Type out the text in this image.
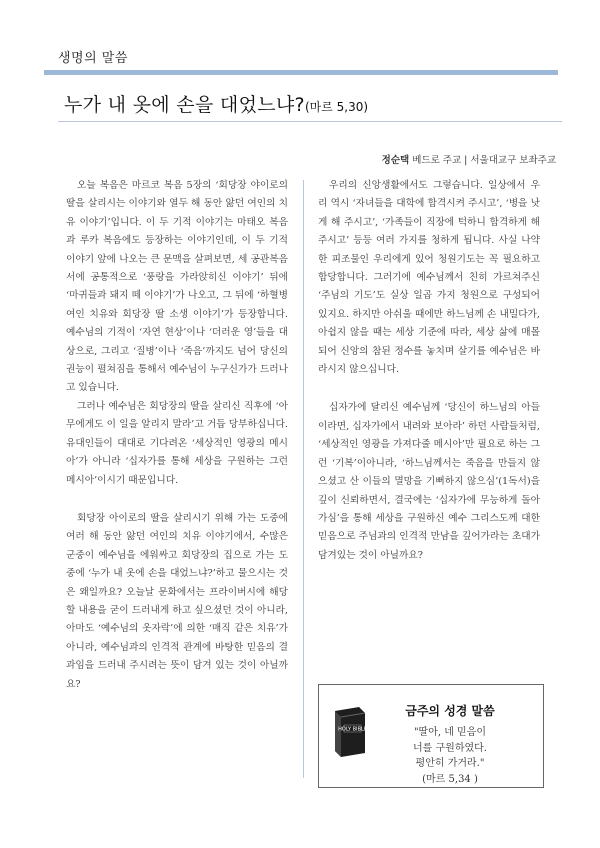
생명의 말씀
누가 내 옷에 손을 대었느냐?(마르 5,30)
정순택 베드로 주교 | 서울대교구 보좌주교

오늘 복음은 마르코 복음 5장의 ‘회당장 야이로의 딸을 살리시는 이야기와 열두 해 동안 앓던 여인의 치유 이야기’입니다. 이 두 기적 이야기는 마태오 복음과 루카 복음에도 등장하는 이야기인데, 이 두 기적 이야기 앞에 나오는 큰 문맥을 살펴보면, 세 공관복음서에 공통적으로 ‘풍랑을 가라앉히신 이야기’ 뒤에 ‘마귀들과 돼지 떼 이야기’가 나오고, 그 뒤에 ‘하혈병 여인 치유와 회당장 딸 소생 이야기’가 등장합니다. 예수님의 기적이 ‘자연 현상’이나 ‘더러운 영’들을 대상으로, 그리고 ‘질병’이나 ‘죽음’까지도 넘어 당신의 권능이 펼쳐짐을 통해서 예수님이 누구신가가 드러나고 있습니다.

그러나 예수님은 회당장의 딸을 살리신 직후에 ‘아무에게도 이 일을 알리지 말라’고 거듭 당부하십니다. 유대인들이 대대로 기다려온 ‘세상적인 영광의 메시아’가 아니라 ‘십자가를 통해 세상을 구원하는 그런 메시아’이시기 때문입니다.

회당장 아이로의 딸을 살리시기 위해 가는 도중에 여러 해 동안 앓던 여인의 치유 이야기에서, 수많은 군중이 예수님을 에워싸고 회당장의 집으로 가는 도중에 ‘누가 내 옷에 손을 대었느냐?’하고 물으시는 것은 왜일까요? 오늘날 문화에서는 프라이버시에 해당할 내용을 굳이 드러내게 하고 싶으셨던 것이 아니라, 아마도 ‘예수님의 옷자락’에 의한 ‘매직 같은 치유’가 아니라, 예수님과의 인격적 관계에 바탕한 믿음의 결과임을 드러내 주시려는 뜻이 담겨 있는 것이 아닐까요?

우리의 신앙생활에서도 그렇습니다. 일상에서 우리 역시 ‘자녀들을 대학에 합격시켜 주시고’, ‘병을 낫게 해 주시고’, ‘가족들이 직장에 턱하니 합격하게 해 주시고’ 등등 여러 가지를 청하게 됩니다. 사실 나약한 피조물인 우리에게 있어 청원기도는 꼭 필요하고 합당합니다. 그러기에 예수님께서 친히 가르쳐주신 ‘주님의 기도’도 실상 일곱 가지 청원으로 구성되어 있지요. 하지만 아쉬울 때에만 하느님께 손 내밀다가, 아쉽지 않을 때는 세상 기준에 따라, 세상 삶에 매몰되어 신앙의 참된 정수를 놓치며 살기를 예수님은 바라시지 않으십니다.

십자가에 달리신 예수님께 ‘당신이 하느님의 아들이라면, 십자가에서 내려와 보아라’ 하던 사람들처럼, ‘세상적인 영광을 가져다줄 메시아’만 필요로 하는 그런 ‘기복’이아니라, ‘하느님께서는 죽음을 만들지 않으셨고 산 이들의 멸망을 기뻐하지 않으심’(1독서)을 깊이 신뢰하면서, 결국에는 ‘십자가에 무능하게 돌아가심’을 통해 세상을 구원하신 예수 그리스도께 대한 믿음으로 주님과의 인격적 만남을 깊어가라는 초대가 담겨있는 것이 아닐까요?

HOLY BIBLE
금주의 성경 말씀
"딸아, 네 믿음이
너를 구원하였다.
평안히 가거라."
(마르 5,34 )
